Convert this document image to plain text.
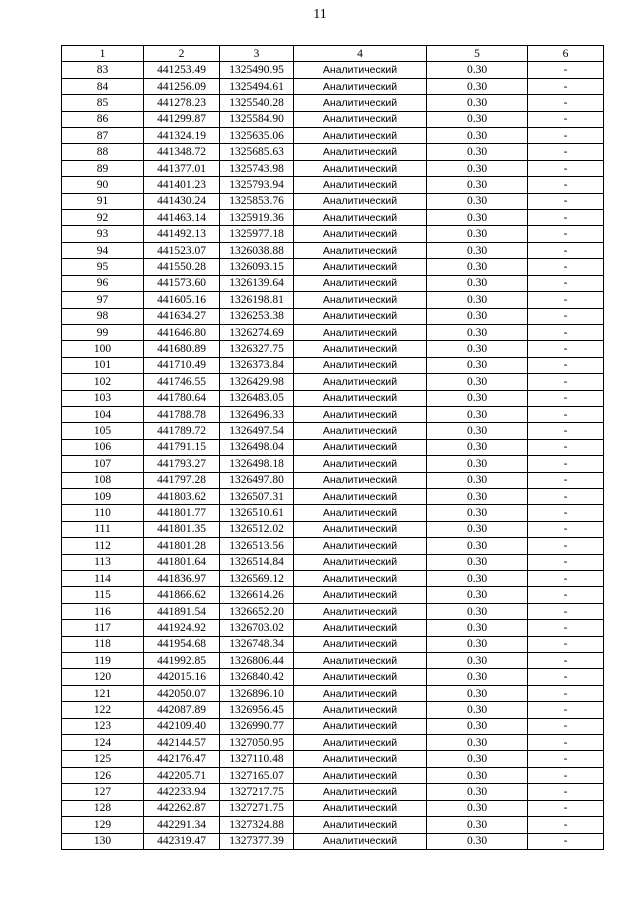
11
1	2	3	4	5	6
83	441253.49	1325490.95	Аналитический	0.30	-
84	441256.09	1325494.61	Аналитический	0.30	-
85	441278.23	1325540.28	Аналитический	0.30	-
86	441299.87	1325584.90	Аналитический	0.30	-
87	441324.19	1325635.06	Аналитический	0.30	-
88	441348.72	1325685.63	Аналитический	0.30	-
89	441377.01	1325743.98	Аналитический	0.30	-
90	441401.23	1325793.94	Аналитический	0.30	-
91	441430.24	1325853.76	Аналитический	0.30	-
92	441463.14	1325919.36	Аналитический	0.30	-
93	441492.13	1325977.18	Аналитический	0.30	-
94	441523.07	1326038.88	Аналитический	0.30	-
95	441550.28	1326093.15	Аналитический	0.30	-
96	441573.60	1326139.64	Аналитический	0.30	-
97	441605.16	1326198.81	Аналитический	0.30	-
98	441634.27	1326253.38	Аналитический	0.30	-
99	441646.80	1326274.69	Аналитический	0.30	-
100	441680.89	1326327.75	Аналитический	0.30	-
101	441710.49	1326373.84	Аналитический	0.30	-
102	441746.55	1326429.98	Аналитический	0.30	-
103	441780.64	1326483.05	Аналитический	0.30	-
104	441788.78	1326496.33	Аналитический	0.30	-
105	441789.72	1326497.54	Аналитический	0.30	-
106	441791.15	1326498.04	Аналитический	0.30	-
107	441793.27	1326498.18	Аналитический	0.30	-
108	441797.28	1326497.80	Аналитический	0.30	-
109	441803.62	1326507.31	Аналитический	0.30	-
110	441801.77	1326510.61	Аналитический	0.30	-
111	441801.35	1326512.02	Аналитический	0.30	-
112	441801.28	1326513.56	Аналитический	0.30	-
113	441801.64	1326514.84	Аналитический	0.30	-
114	441836.97	1326569.12	Аналитический	0.30	-
115	441866.62	1326614.26	Аналитический	0.30	-
116	441891.54	1326652.20	Аналитический	0.30	-
117	441924.92	1326703.02	Аналитический	0.30	-
118	441954.68	1326748.34	Аналитический	0.30	-
119	441992.85	1326806.44	Аналитический	0.30	-
120	442015.16	1326840.42	Аналитический	0.30	-
121	442050.07	1326896.10	Аналитический	0.30	-
122	442087.89	1326956.45	Аналитический	0.30	-
123	442109.40	1326990.77	Аналитический	0.30	-
124	442144.57	1327050.95	Аналитический	0.30	-
125	442176.47	1327110.48	Аналитический	0.30	-
126	442205.71	1327165.07	Аналитический	0.30	-
127	442233.94	1327217.75	Аналитический	0.30	-
128	442262.87	1327271.75	Аналитический	0.30	-
129	442291.34	1327324.88	Аналитический	0.30	-
130	442319.47	1327377.39	Аналитический	0.30	-
